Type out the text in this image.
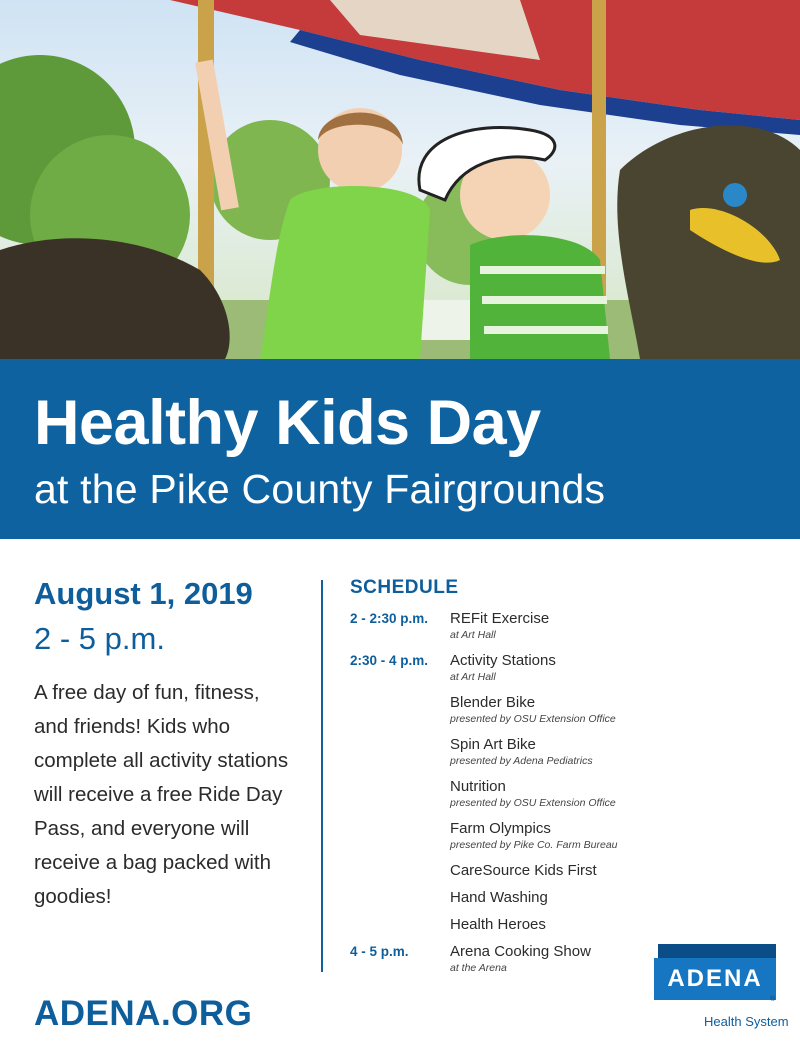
Healthy Kids Day
at the Pike County Fairgrounds
August 1, 2019
2 - 5 p.m.
A free day of fun, fitness, and friends! Kids who complete all activity stations will receive a free Ride Day Pass, and everyone will receive a bag packed with goodies!
ADENA.ORG
SCHEDULE
2 - 2:30 p.m. REFit Exercise
at Art Hall
2:30 - 4 p.m. Activity Stations
at Art Hall
Blender Bike
presented by OSU Extension Office
Spin Art Bike
presented by Adena Pediatrics
Nutrition
presented by OSU Extension Office
Farm Olympics
presented by Pike Co. Farm Bureau
CareSource Kids First
Hand Washing
Health Heroes
4 - 5 p.m.	Arena Cooking Show
at the Arena	ADENA
®
Health System
